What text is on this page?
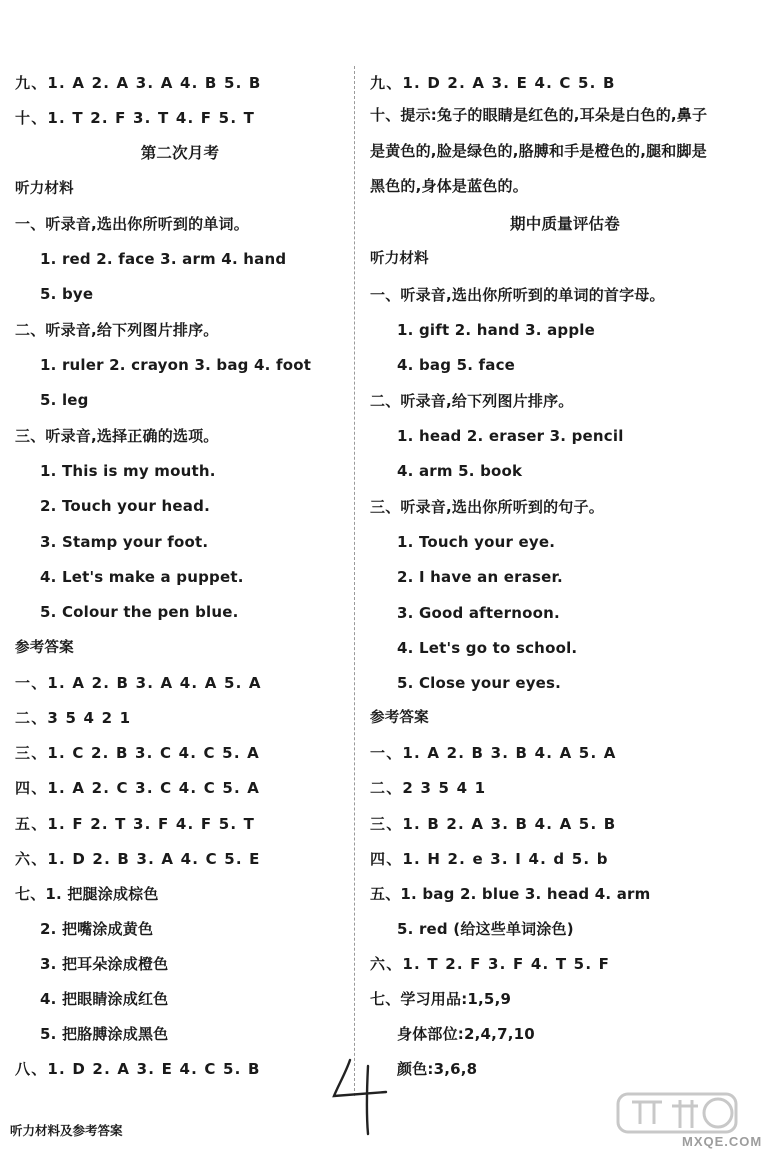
九、1. A 2. A 3. A 4. B 5. B
十、1. T 2. F 3. T 4. F 5. T
第二次月考
听力材料
一、听录音,选出你所听到的单词。
1. red 2. face 3. arm 4. hand
5. bye
二、听录音,给下列图片排序。
1. ruler 2. crayon 3. bag 4. foot
5. leg
三、听录音,选择正确的选项。
1. This is my mouth.
2. Touch your head.
3. Stamp your foot.
4. Let's make a puppet.
5. Colour the pen blue.
参考答案
一、1. A 2. B 3. A 4. A 5. A
二、3 5 4 2 1
三、1. C 2. B 3. C 4. C 5. A
四、1. A 2. C 3. C 4. C 5. A
五、1. F 2. T 3. F 4. F 5. T
六、1. D 2. B 3. A 4. C 5. E
七、1. 把腿涂成棕色
2. 把嘴涂成黄色
3. 把耳朵涂成橙色
4. 把眼睛涂成红色
5. 把胳膊涂成黑色
八、1. D 2. A 3. E 4. C 5. B
九、1. D 2. A 3. E 4. C 5. B
十、提示:兔子的眼睛是红色的,耳朵是白色的,鼻子是黄色的,脸是绿色的,胳膊和手是橙色的,腿和脚是黑色的,身体是蓝色的。
期中质量评估卷
听力材料
一、听录音,选出你所听到的单词的首字母。
1. gift 2. hand 3. apple
4. bag 5. face
二、听录音,给下列图片排序。
1. head 2. eraser 3. pencil
4. arm 5. book
三、听录音,选出你所听到的句子。
1. Touch your eye.
2. I have an eraser.
3. Good afternoon.
4. Let's go to school.
5. Close your eyes.
参考答案
一、1. A 2. B 3. B 4. A 5. A
二、2 3 5 4 1
三、1. B 2. A 3. B 4. A 5. B
四、1. H 2. e 3. I 4. d 5. b
五、1. bag 2. blue 3. head 4. arm
5. red (给这些单词涂色)
六、1. T 2. F 3. F 4. T 5. F
七、学习用品:1,5,9
身体部位:2,4,7,10
颜色:3,6,8
听力材料及参考答案
MXQE.COM
